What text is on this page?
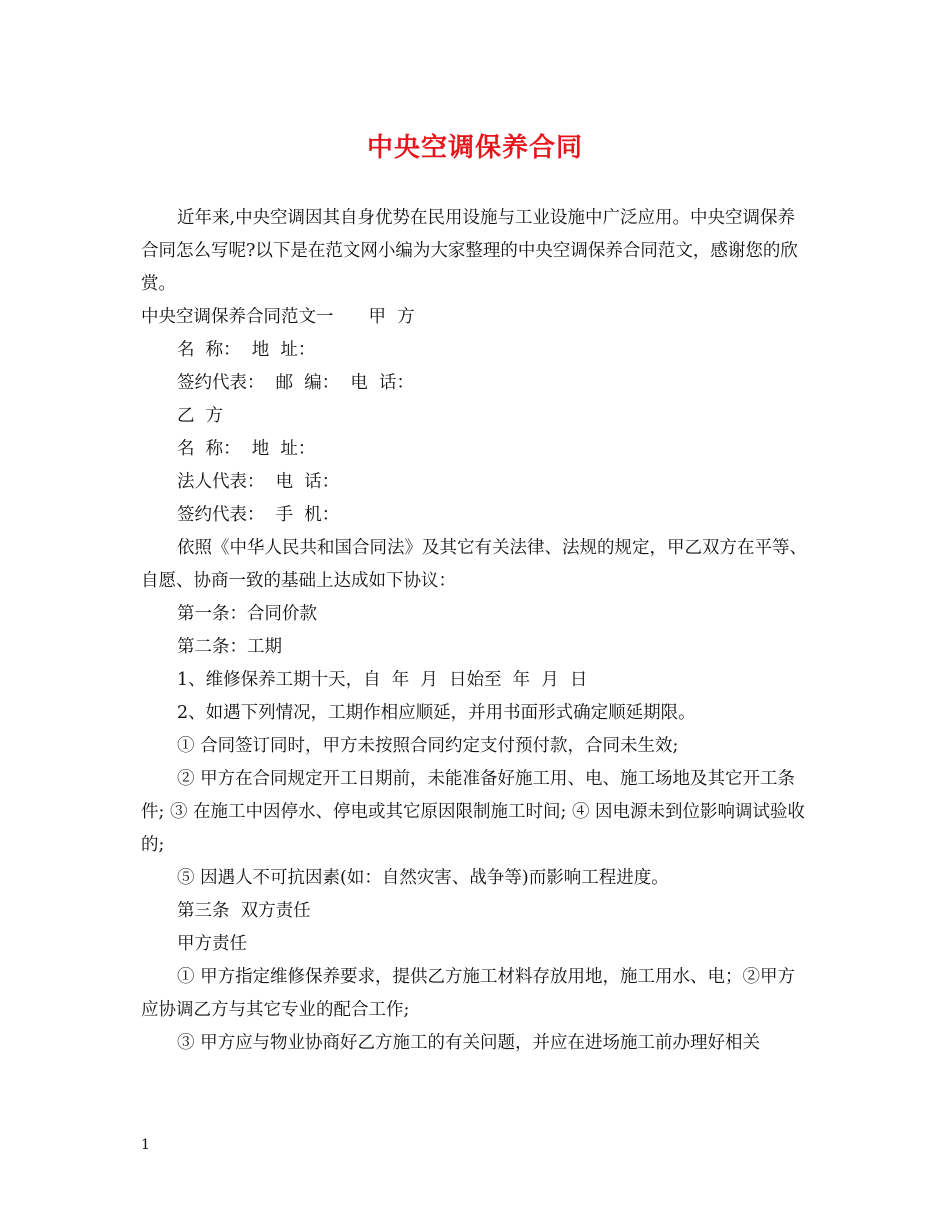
中央空调保养合同

近年来,中央空调因其自身优势在民用设施与工业设施中广泛应用。中央空调保养合同怎么写呢?以下是在范文网小编为大家整理的中央空调保养合同范文，感谢您的欣赏。

中央空调保养合同范文一　　甲  方

名  称：  地  址：

签约代表：  邮  编：  电  话：

乙  方

名  称：  地  址：

法人代表：  电  话：

签约代表：  手  机：

依照《中华人民共和国合同法》及其它有关法律、法规的规定，甲乙双方在平等、自愿、协商一致的基础上达成如下协议：

第一条：合同价款

第二条：工期

1、维修保养工期十天，自  年  月  日始至  年  月  日

2、如遇下列情况，工期作相应顺延，并用书面形式确定顺延期限。

① 合同签订同时，甲方未按照合同约定支付预付款，合同未生效;

② 甲方在合同规定开工日期前，未能准备好施工用、电、施工场地及其它开工条件; ③ 在施工中因停水、停电或其它原因限制施工时间; ④ 因电源未到位影响调试验收的;

⑤ 因遇人不可抗因素(如：自然灾害、战争等)而影响工程进度。

第三条  双方责任

甲方责任

① 甲方指定维修保养要求，提供乙方施工材料存放用地，施工用水、电；②甲方应协调乙方与其它专业的配合工作;

③ 甲方应与物业协商好乙方施工的有关问题，并应在进场施工前办理好相关

1
